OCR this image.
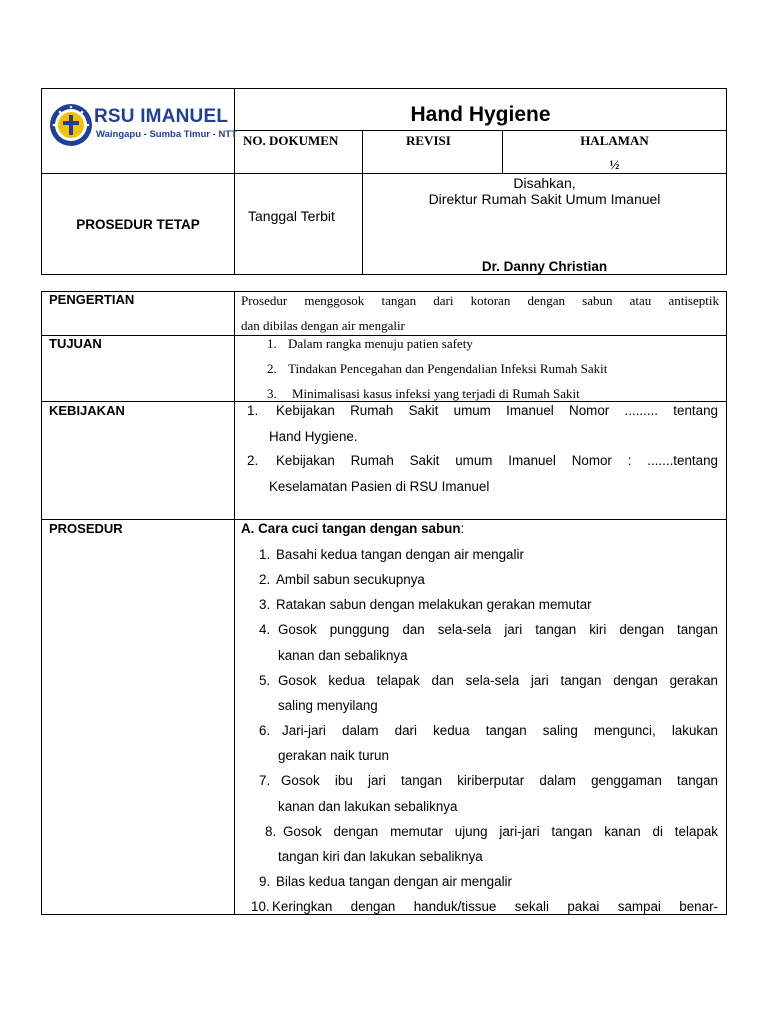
RSU IMANUEL
Waingapu - Sumba Timur - NTT
Hand Hygiene
NO. DOKUMEN	REVISI	HALAMAN
½
PROSEDUR TETAP	Tanggal Terbit
Disahkan,
Direktur Rumah Sakit Umum Imanuel
Dr. Danny Christian
PENGERTIAN	Prosedur menggosok tangan dari kotoran dengan sabun atau antiseptik
dan dibilas dengan air mengalir
TUJUAN	1. Dalam rangka menuju patien safety
2. Tindakan Pencegahan dan Pengendalian Infeksi Rumah Sakit
3. Minimalisasi kasus infeksi yang terjadi di Rumah Sakit
KEBIJAKAN	1. Kebijakan Rumah Sakit umum Imanuel Nomor ......... tentang
Hand Hygiene.
2. Kebijakan Rumah Sakit umum Imanuel Nomor : .......tentang
Keselamatan Pasien di RSU Imanuel
PROSEDUR	A. Cara cuci tangan dengan sabun:
1. Basahi kedua tangan dengan air mengalir
2. Ambil sabun secukupnya
3. Ratakan sabun dengan melakukan gerakan memutar
4. Gosok punggung dan sela-sela jari tangan kiri dengan tangan
kanan dan sebaliknya
5. Gosok kedua telapak dan sela-sela jari tangan dengan gerakan
saling menyilang
6. Jari-jari dalam dari kedua tangan saling mengunci, lakukan
gerakan naik turun
7. Gosok ibu jari tangan kiriberputar dalam genggaman tangan
kanan dan lakukan sebaliknya
8. Gosok dengan memutar ujung jari-jari tangan kanan di telapak
tangan kiri dan lakukan sebaliknya
9. Bilas kedua tangan dengan air mengalir
10. Keringkan dengan handuk/tissue sekali pakai sampai benar-
